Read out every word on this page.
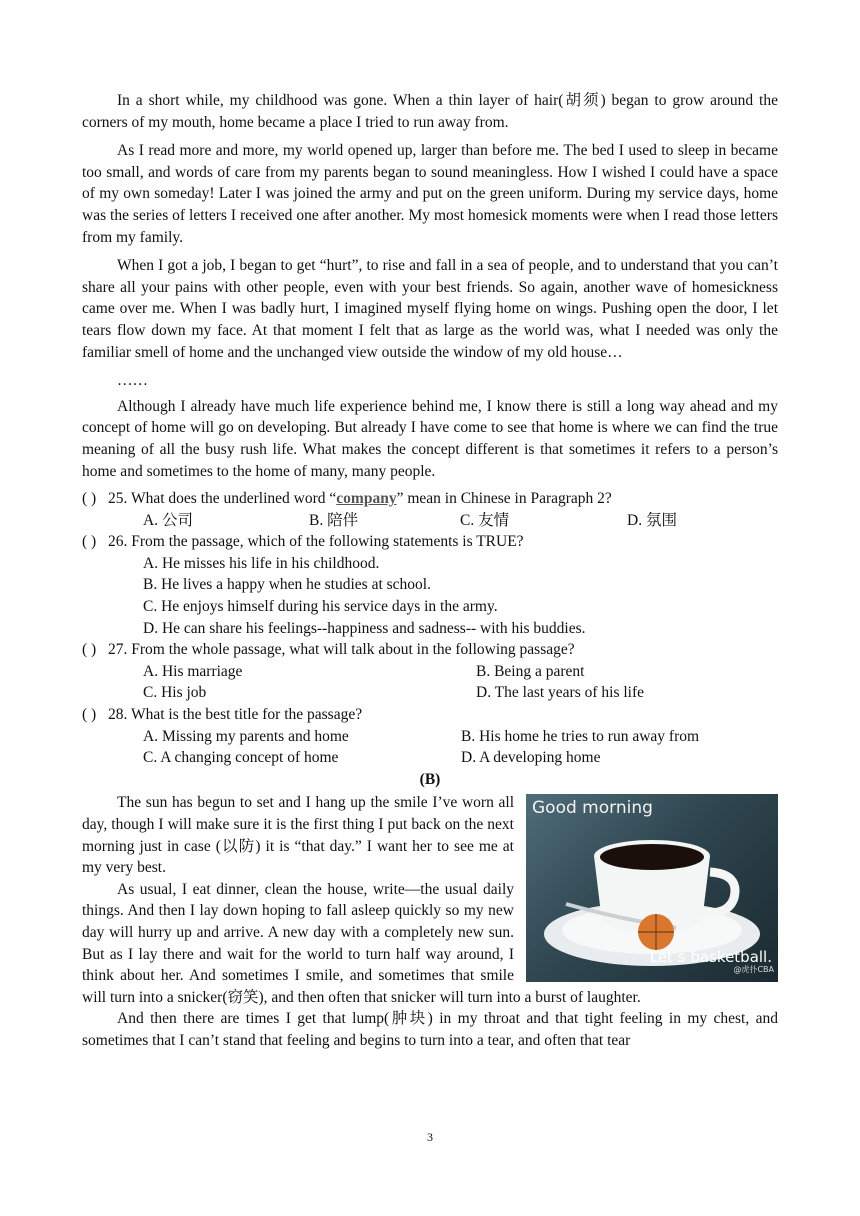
In a short while, my childhood was gone. When a thin layer of hair(胡须) began to grow around the corners of my mouth, home became a place I tried to run away from.

As I read more and more, my world opened up, larger than before me. The bed I used to sleep in became too small, and words of care from my parents began to sound meaningless. How I wished I could have a space of my own someday! Later I was joined the army and put on the green uniform. During my service days, home was the series of letters I received one after another. My most homesick moments were when I read those letters from my family.

When I got a job, I began to get “hurt”, to rise and fall in a sea of people, and to understand that you can’t share all your pains with other people, even with your best friends. So again, another wave of homesickness came over me. When I was badly hurt, I imagined myself flying home on wings. Pushing open the door, I let tears flow down my face. At that moment I felt that as large as the world was, what I needed was only the familiar smell of home and the unchanged view outside the window of my old house…

……

Although I already have much life experience behind me, I know there is still a long way ahead and my concept of home will go on developing. But already I have come to see that home is where we can find the true meaning of all the busy rush life. What makes the concept different is that sometimes it refers to a person’s home and sometimes to the home of many, many people.

( ) 25. What does the underlined word “company” mean in Chinese in Paragraph 2?

A. 公司	B. 陪伴	C. 友情	D. 氛围

( ) 26. From the passage, which of the following statements is TRUE?

A. He misses his life in his childhood.
B. He lives a happy when he studies at school.
C. He enjoys himself during his service days in the army.
D. He can share his feelings--happiness and sadness-- with his buddies.

( ) 27. From the whole passage, what will talk about in the following passage?

A. His marriage	B. Being a parent
C. His job	D. The last years of his life

( ) 28. What is the best title for the passage?

A. Missing my parents and home	B. His home he tries to run away from
C. A changing concept of home	D. A developing home

(B)

Good morning
Let’s basketball.
@虎扑CBA

The sun has begun to set and I hang up the smile I’ve worn all day, though I will make sure it is the first thing I put back on the next morning just in case (以防) it is “that day.” I want her to see me at my very best.

As usual, I eat dinner, clean the house, write—the usual daily things. And then I lay down hoping to fall asleep quickly so my new day will hurry up and arrive. A new day with a completely new sun. But as I lay there and wait for the world to turn half way around, I think about her. And sometimes I smile, and sometimes that smile will turn into a snicker(窃笑), and then often that snicker will turn into a burst of laughter.

And then there are times I get that lump(肿块) in my throat and that tight feeling in my chest, and sometimes that I can’t stand that feeling and begins to turn into a tear, and often that tear

3
